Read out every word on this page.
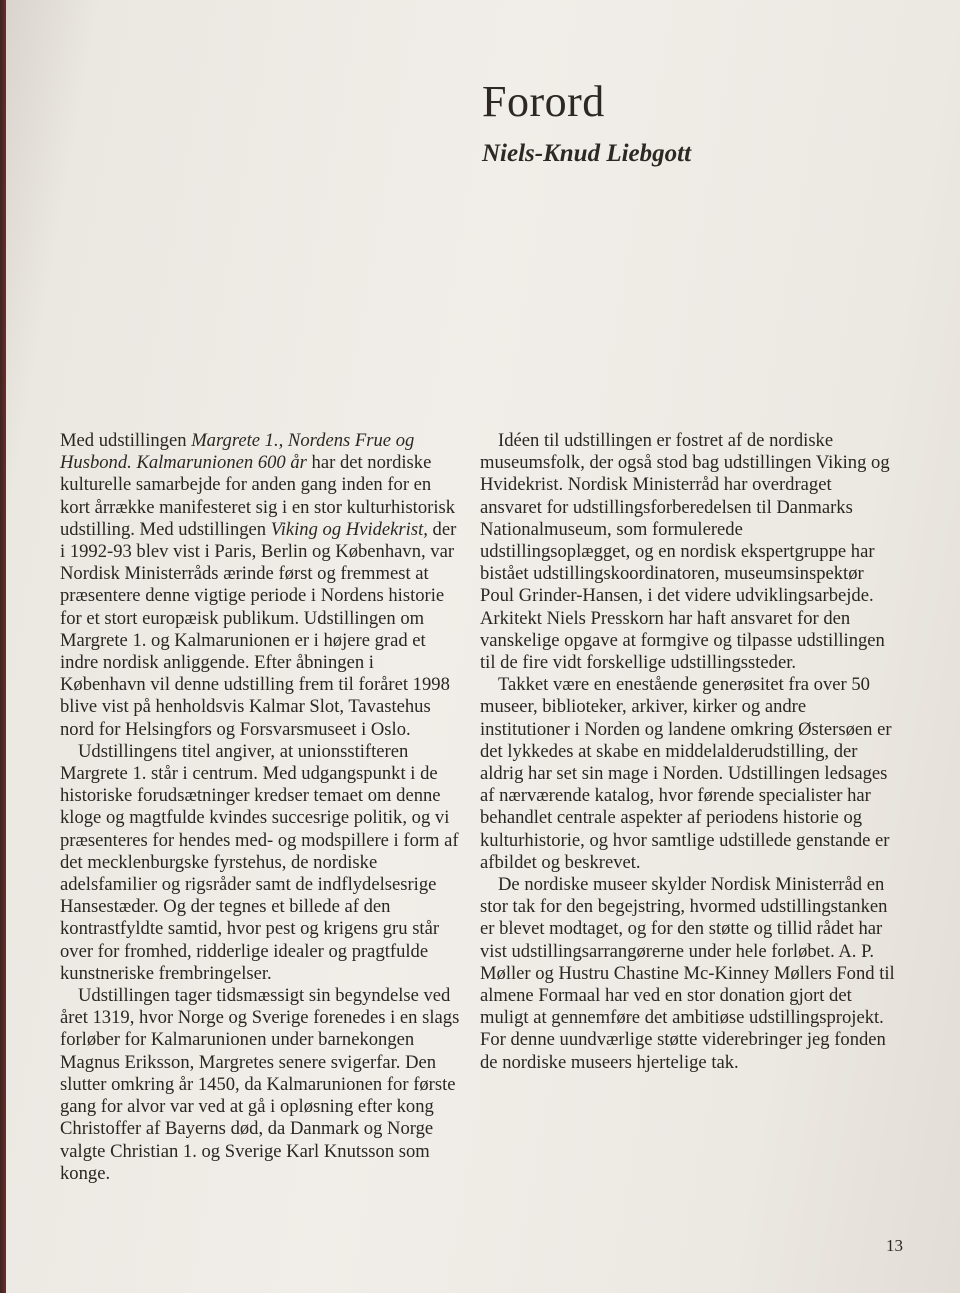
Forord
Niels-Knud Liebgott

Med udstillingen Margrete 1., Nordens Frue og Husbond. Kalmarunionen 600 år har det nordiske kulturelle samarbejde for anden gang inden for en kort årrække manifesteret sig i en stor kulturhistorisk udstilling. Med udstillingen Viking og Hvidekrist, der i 1992-93 blev vist i Paris, Berlin og København, var Nordisk Ministerråds ærinde først og fremmest at præsentere denne vigtige periode i Nordens historie for et stort europæisk publikum. Udstillingen om Margrete 1. og Kalmarunionen er i højere grad et indre nordisk anliggende. Efter åbningen i København vil denne udstilling frem til foråret 1998 blive vist på henholdsvis Kalmar Slot, Tavastehus nord for Helsingfors og Forsvarsmuseet i Oslo.

Udstillingens titel angiver, at unionsstifteren Margrete 1. står i centrum. Med udgangspunkt i de historiske forudsætninger kredser temaet om denne kloge og magtfulde kvindes succesrige politik, og vi præsenteres for hendes med- og modspillere i form af det mecklenburgske fyrstehus, de nordiske adelsfamilier og rigsråder samt de indflydelsesrige Hansestæder. Og der tegnes et billede af den kontrastfyldte samtid, hvor pest og krigens gru står over for fromhed, ridderlige idealer og pragtfulde kunstneriske frembringelser.

Udstillingen tager tidsmæssigt sin begyndelse ved året 1319, hvor Norge og Sverige forenedes i en slags forløber for Kalmarunionen under barnekongen Magnus Eriksson, Margretes senere svigerfar. Den slutter omkring år 1450, da Kalmarunionen for første gang for alvor var ved at gå i opløsning efter kong Christoffer af Bayerns død, da Danmark og Norge valgte Christian 1. og Sverige Karl Knutsson som konge.

Idéen til udstillingen er fostret af de nordiske museumsfolk, der også stod bag udstillingen Viking og Hvidekrist. Nordisk Ministerråd har overdraget ansvaret for udstillingsforberedelsen til Danmarks Nationalmuseum, som formulerede udstillingsoplægget, og en nordisk ekspertgruppe har bistået udstillingskoordinatoren, museumsinspektør Poul Grinder-Hansen, i det videre udviklingsarbejde. Arkitekt Niels Presskorn har haft ansvaret for den vanskelige opgave at formgive og tilpasse udstillingen til de fire vidt forskellige udstillingssteder.

Takket være en enestående generøsitet fra over 50 museer, biblioteker, arkiver, kirker og andre institutioner i Norden og landene omkring Østersøen er det lykkedes at skabe en middelalderudstilling, der aldrig har set sin mage i Norden. Udstillingen ledsages af nærværende katalog, hvor førende specialister har behandlet centrale aspekter af periodens historie og kulturhistorie, og hvor samtlige udstillede genstande er afbildet og beskrevet.

De nordiske museer skylder Nordisk Ministerråd en stor tak for den begejstring, hvormed udstillingstanken er blevet modtaget, og for den støtte og tillid rådet har vist udstillingsarrangørerne under hele forløbet. A. P. Møller og Hustru Chastine Mc-Kinney Møllers Fond til almene Formaal har ved en stor donation gjort det muligt at gennemføre det ambitiøse udstillingsprojekt. For denne uundværlige støtte viderebringer jeg fonden de nordiske museers hjertelige tak.

13
